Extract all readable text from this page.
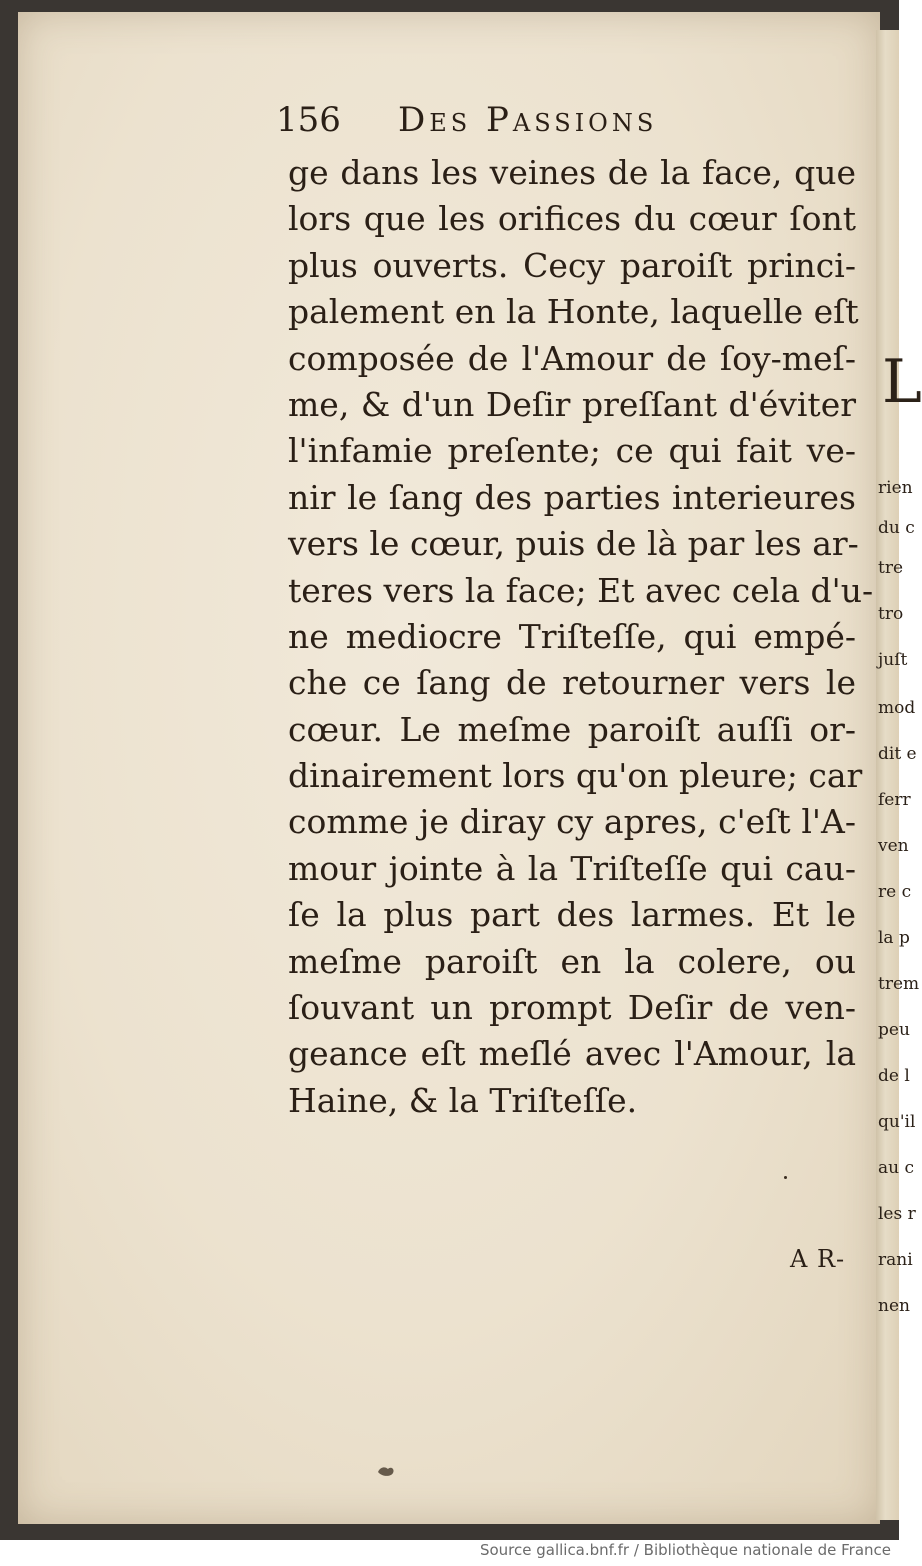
L
rien
du c
tre
tro
juſt
mod
dit e
ferr
ven
re c
la p
trem
peu
de l
qu'il
au c
les r
rani
nen
156 Des Passions
ge dans les veines de la face, que
lors que les orifices du cœur ſont
plus ouverts. Cecy paroiſt princi-
palement en la Honte, laquelle eſt
composée de l'Amour de ſoy-meſ-
me, & d'un Deſir preſſant d'éviter
l'infamie preſente; ce qui fait ve-
nir le ſang des parties interieures
vers le cœur, puis de là par les ar-
teres vers la face; Et avec cela d'u-
ne mediocre Triſteſſe, qui empé-
che ce ſang de retourner vers le
cœur. Le meſme paroiſt auſſi or-
dinairement lors qu'on pleure; car
comme je diray cy apres, c'eſt l'A-
mour jointe à la Triſteſſe qui cau-
ſe la plus part des larmes. Et le
meſme paroiſt en la colere, ou
ſouvant un prompt Deſir de ven-
geance eſt meſlé avec l'Amour, la
Haine, & la Triſteſſe.
A R-
Source gallica.bnf.fr / Bibliothèque nationale de France
